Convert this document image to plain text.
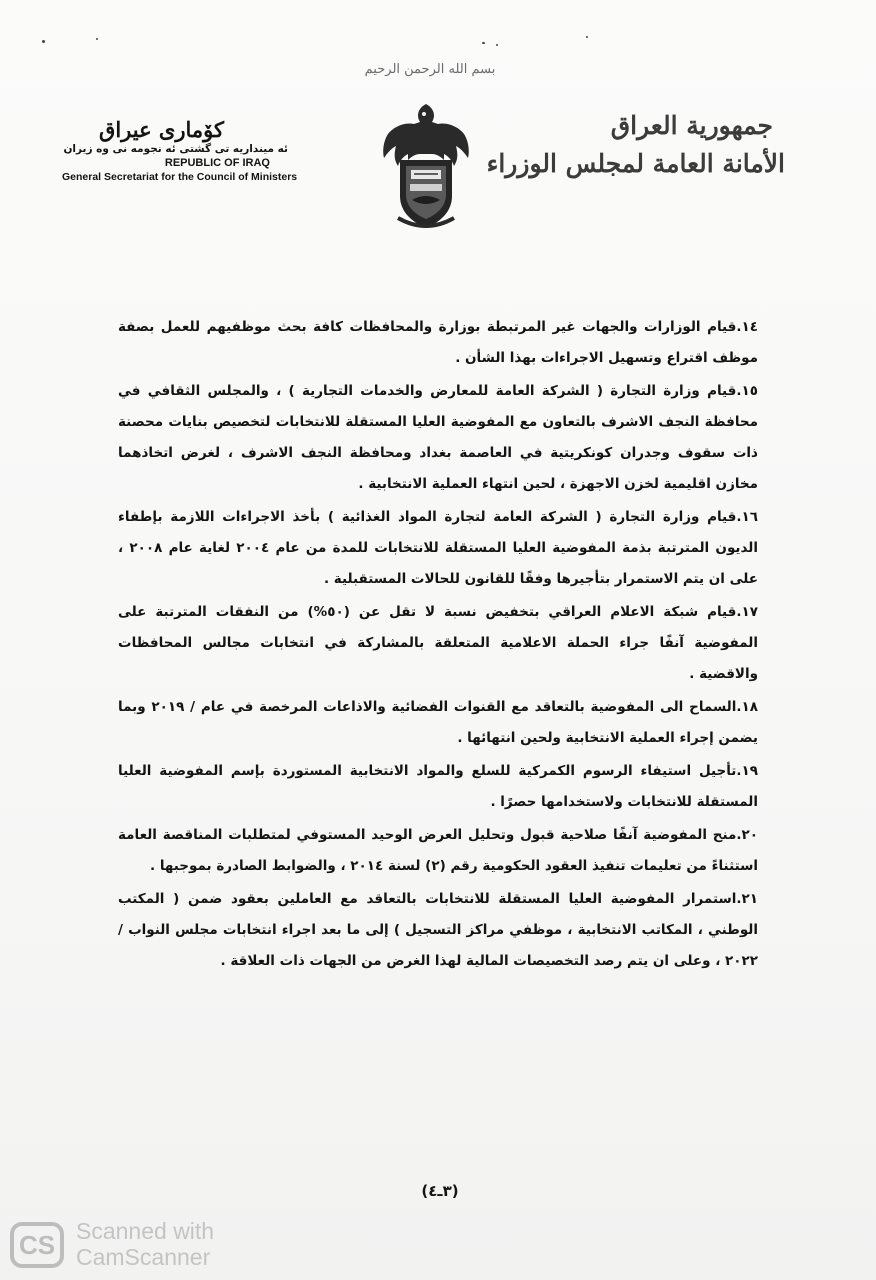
بسم الله الرحمن الرحيم
کۆماری عیراق
ئه مینداریه تی گشتی ئه نجومه نی وه زیران
REPUBLIC OF IRAQ
General Secretariat for the Council of Ministers
جمهورية العراق
الأمانة العامة لمجلس الوزراء

١٤.قيام الوزارات والجهات غير المرتبطة بوزارة والمحافظات كافة بحث موظفيهم للعمل بصفة موظف اقتراع وتسهيل الاجراءات بهذا الشأن .

١٥.قيام وزارة التجارة ( الشركة العامة للمعارض والخدمات التجارية ) ، والمجلس الثقافي في محافظة النجف الاشرف بالتعاون مع المفوضية العليا المستقلة للانتخابات لتخصيص بنايات محصنة ذات سقوف وجدران كونكريتية في العاصمة بغداد ومحافظة النجف الاشرف ، لغرض اتخاذهما مخازن اقليمية لخزن الاجهزة ، لحين انتهاء العملية الانتخابية .

١٦.قيام وزارة التجارة ( الشركة العامة لتجارة المواد الغذائية ) بأخذ الاجراءات اللازمة بإطفاء الديون المترتبة بذمة المفوضية العليا المستقلة للانتخابات للمدة من عام ٢٠٠٤ لغاية عام ٢٠٠٨ ، على ان يتم الاستمرار بتأجيرها وفقًا للقانون للحالات المستقبلية .

١٧.قيام شبكة الاعلام العراقي بتخفيض نسبة لا تقل عن (٥٠%) من النفقات المترتبة على المفوضية آنفًا جراء الحملة الاعلامية المتعلقة بالمشاركة في انتخابات مجالس المحافظات والاقضية .

١٨.السماح الى المفوضية بالتعاقد مع القنوات الفضائية والاذاعات المرخصة في عام / ٢٠١٩ وبما يضمن إجراء العملية الانتخابية ولحين انتهائها .

١٩.تأجيل استيفاء الرسوم الكمركية للسلع والمواد الانتخابية المستوردة بإسم المفوضية العليا المستقلة للانتخابات ولاستخدامها حصرًا .

٢٠.منح المفوضية آنفًا صلاحية قبول وتحليل العرض الوحيد المستوفي لمتطلبات المناقصة العامة استثناءً من تعليمات تنفيذ العقود الحكومية رقم (٢) لسنة ٢٠١٤ ، والضوابط الصادرة بموجبها .

٢١.استمرار المفوضية العليا المستقلة للانتخابات بالتعاقد مع العاملين بعقود ضمن ( المكتب الوطني ، المكاتب الانتخابية ، موظفي مراكز التسجيل ) إلى ما بعد اجراء انتخابات مجلس النواب / ٢٠٢٢ ، وعلى ان يتم رصد التخصيصات المالية لهذا الغرض من الجهات ذات العلاقة .

(٣ـ٤)
CS Scanned with
CamScanner
